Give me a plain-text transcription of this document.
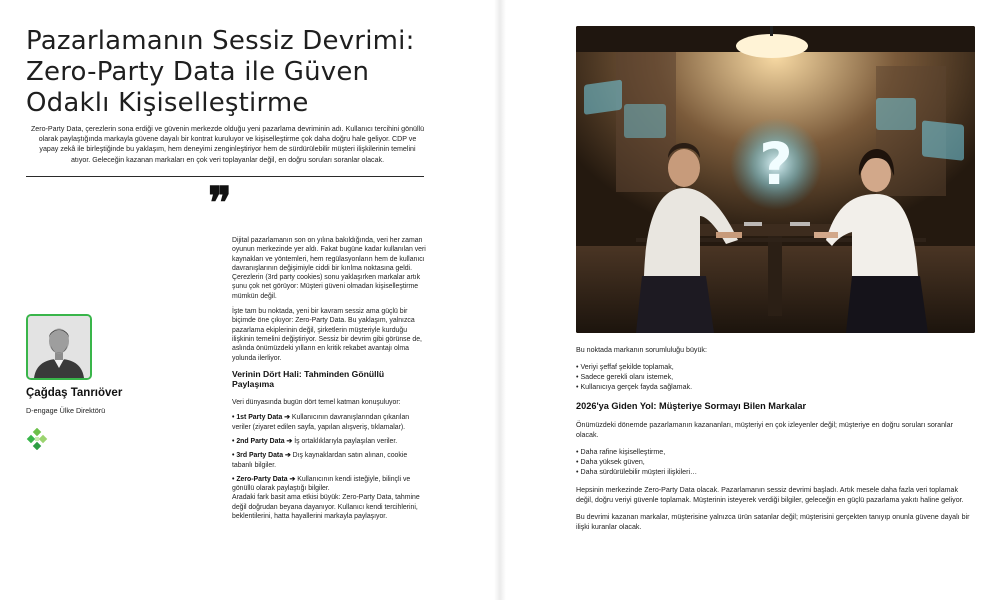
Pazarlamanın Sessiz Devrimi: Zero-Party Data ile Güven Odaklı Kişiselleştirme

Zero-Party Data, çerezlerin sona erdiği ve güvenin merkezde olduğu yeni pazarlama devriminin adı. Kullanıcı tercihini gönüllü olarak paylaştığında markayla güvene dayalı bir kontrat kuruluyor ve kişiselleştirme çok daha doğru hale geliyor. CDP ve yapay zekâ ile birleştiğinde bu yaklaşım, hem deneyimi zenginleştiriyor hem de sürdürülebilir müşteri ilişkilerinin temelini atıyor. Geleceğin kazanan markaları en çok veri toplayanlar değil, en doğru soruları soranlar olacak.

❞

Çağdaş Tanrıöver

D-engage Ülke Direktörü

Dijital pazarlamanın son on yılına bakıldığında, veri her zaman oyunun merkezinde yer aldı. Fakat bugüne kadar kullanılan veri kaynakları ve yöntemleri, hem regülasyonların hem de kullanıcı davranışlarının değişimiyle ciddi bir kırılma noktasına geldi. Çerezlerin (3rd party cookies) sonu yaklaşırken markalar artık şunu çok net görüyor: Müşteri güveni olmadan kişiselleştirme mümkün değil.

İşte tam bu noktada, yeni bir kavram sessiz ama güçlü bir biçimde öne çıkıyor: Zero-Party Data. Bu yaklaşım, yalnızca pazarlama ekiplerinin değil, şirketlerin müşteriyle kurduğu ilişkinin temelini değiştiriyor. Sessiz bir devrim gibi görünse de, aslında önümüzdeki yılların en kritik rekabet avantajı olma yolunda ilerliyor.

Verinin Dört Hali: Tahminden Gönüllü Paylaşıma

Veri dünyasında bugün dört temel katman konuşuluyor:

• 1st Party Data ➔ Kullanıcının davranışlarından çıkarılan veriler (ziyaret edilen sayfa, yapılan alışveriş, tıklamalar).

• 2nd Party Data ➔ İş ortaklıklarıyla paylaşılan veriler.

• 3rd Party Data ➔ Dış kaynaklardan satın alınan, cookie tabanlı bilgiler.

• Zero-Party Data ➔ Kullanıcının kendi isteğiyle, bilinçli ve gönüllü olarak paylaştığı bilgiler.

Aradaki fark basit ama etkisi büyük: Zero-Party Data, tahmine değil doğrudan beyana dayanıyor. Kullanıcı kendi tercihlerini, beklentilerini, hatta hayallerini markayla paylaşıyor.

?

Bu noktada markanın sorumluluğu büyük:

• Veriyi şeffaf şekilde toplamak,
• Sadece gerekli olanı istemek,
• Kullanıcıya gerçek fayda sağlamak.
2026'ya Giden Yol: Müşteriye Sormayı Bilen Markalar

Önümüzdeki dönemde pazarlamanın kazananları, müşteriyi en çok izleyenler değil; müşteriye en doğru soruları soranlar olacak.

• Daha rafine kişiselleştirme,
• Daha yüksek güven,
• Daha sürdürülebilir müşteri ilişkileri…

Hepsinin merkezinde Zero-Party Data olacak. Pazarlamanın sessiz devrimi başladı. Artık mesele daha fazla veri toplamak değil, doğru veriyi güvenle toplamak. Müşterinin isteyerek verdiği bilgiler, geleceğin en güçlü pazarlama yakıtı haline geliyor.

Bu devrimi kazanan markalar, müşterisine yalnızca ürün satanlar değil; müşterisini gerçekten tanıyıp onunla güvene dayalı bir ilişki kuranlar olacak.
